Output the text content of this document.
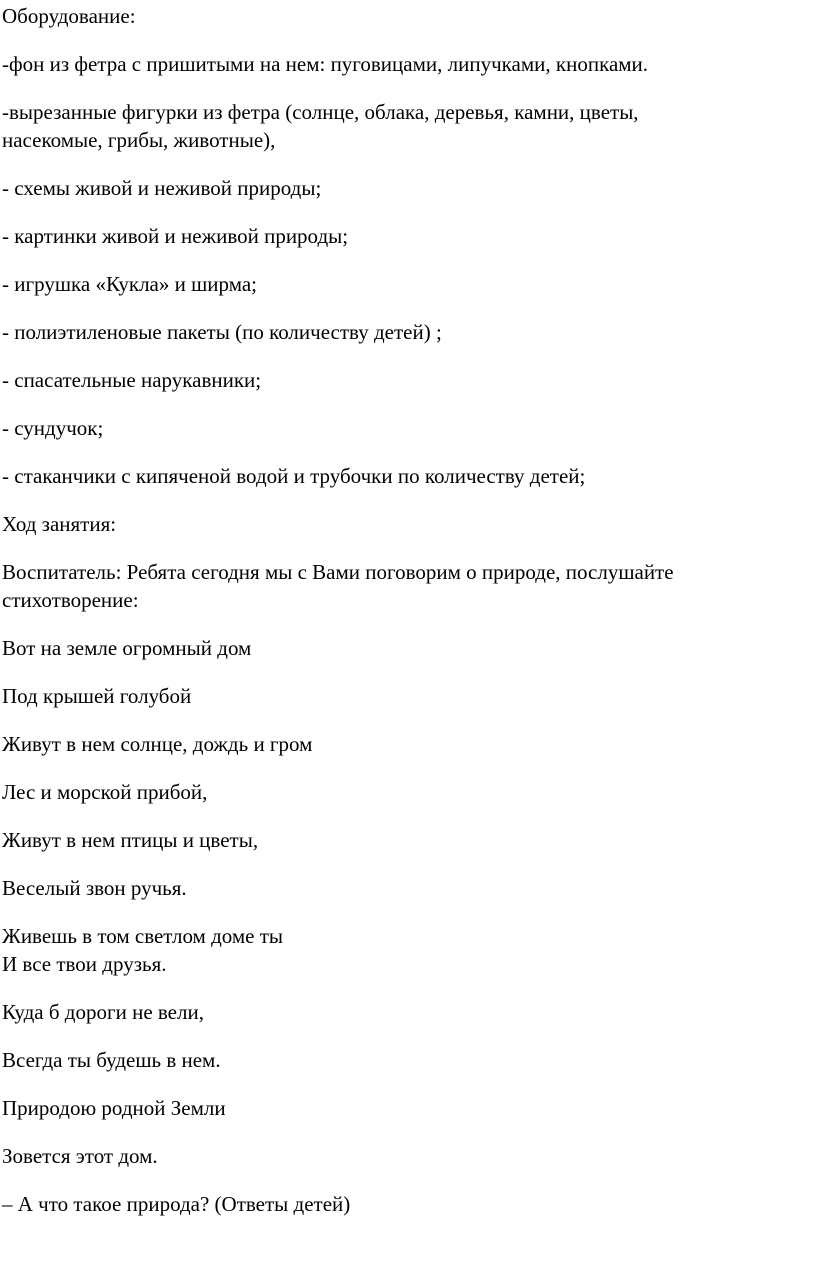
Оборудование:

-фон из фетра с пришитыми на нем: пуговицами, липучками, кнопками.

-вырезанные фигурки из фетра (солнце, облака, деревья, камни, цветы,
насекомые, грибы, животные),

- схемы живой и неживой природы;

- картинки живой и неживой природы;

- игрушка «Кукла» и ширма;

- полиэтиленовые пакеты (по количеству детей) ;

- спасательные нарукавники;

- сундучок;

- стаканчики с кипяченой водой и трубочки по количеству детей;

Ход занятия:

Воспитатель: Ребята сегодня мы с Вами поговорим о природе, послушайте
стихотворение:

Вот на земле огромный дом

Под крышей голубой

Живут в нем солнце, дождь и гром

Лес и морской прибой,

Живут в нем птицы и цветы,

Веселый звон ручья.

Живешь в том светлом доме ты
И все твои друзья.

Куда б дороги не вели,

Всегда ты будешь в нем.

Природою родной Земли

Зовется этот дом.

– А что такое природа? (Ответы детей)
